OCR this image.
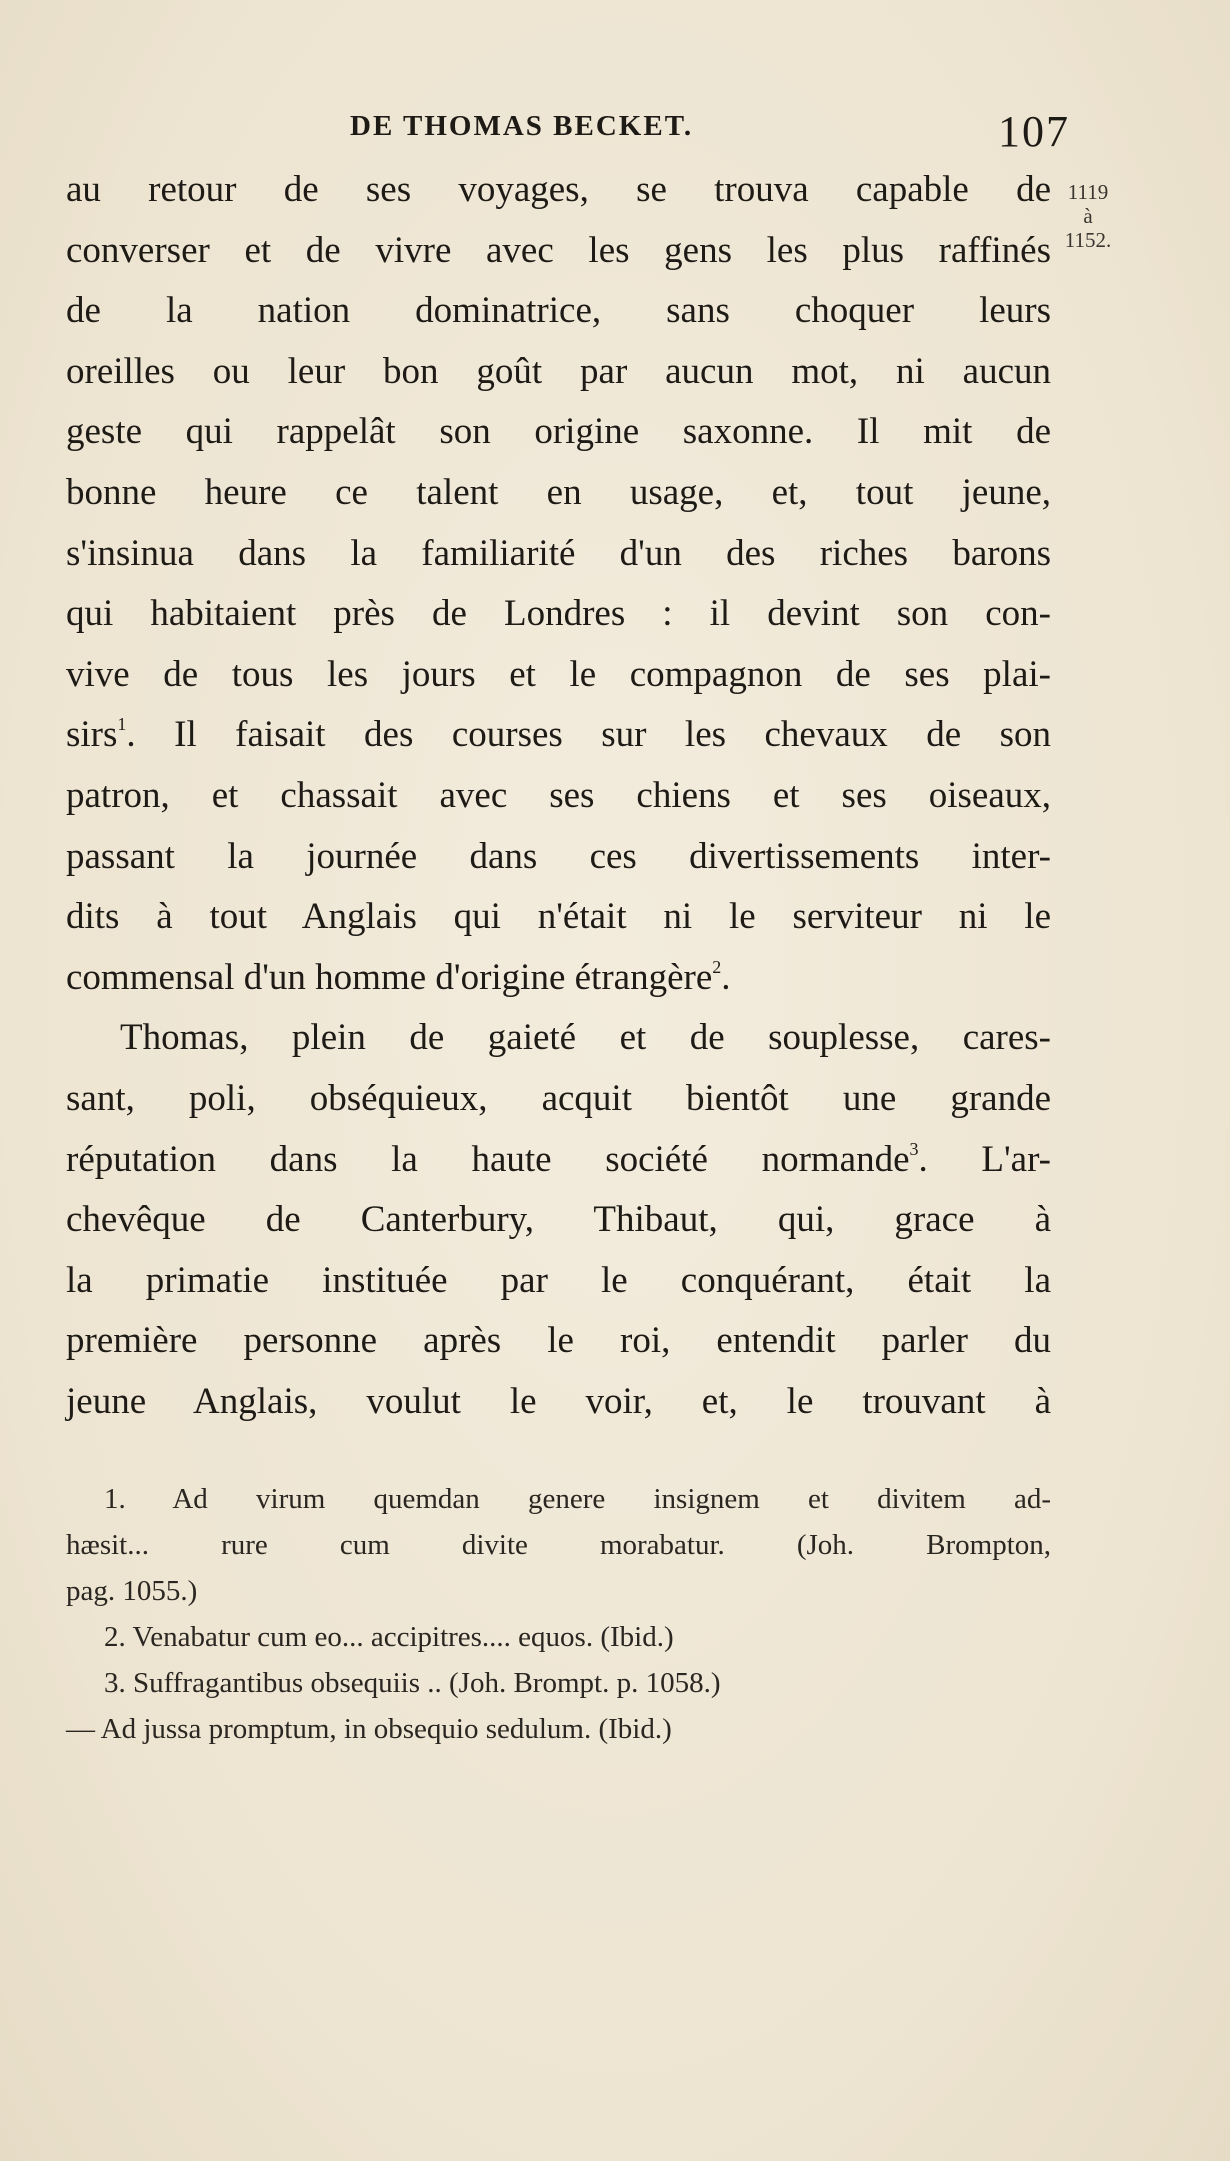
DE THOMAS BECKET.	107
1119
à
1152.
au retour de ses voyages, se trouva capable de
converser et de vivre avec les gens les plus raffinés
de la nation dominatrice, sans choquer leurs
oreilles ou leur bon goût par aucun mot, ni aucun
geste qui rappelât son origine saxonne. Il mit de
bonne heure ce talent en usage, et, tout jeune,
s'insinua dans la familiarité d'un des riches barons
qui habitaient près de Londres : il devint son con-
vive de tous les jours et le compagnon de ses plai-
sirs$^1$. Il faisait des courses sur les chevaux de son
patron, et chassait avec ses chiens et ses oiseaux,
passant la journée dans ces divertissements inter-
dits à tout Anglais qui n'était ni le serviteur ni le
commensal d'un homme d'origine étrangère$^2$.
Thomas, plein de gaieté et de souplesse, cares-
sant, poli, obséquieux, acquit bientôt une grande
réputation dans la haute société normande$^3$. L'ar-
chevêque de Canterbury, Thibaut, qui, grace à
la primatie instituée par le conquérant, était la
première personne après le roi, entendit parler du
jeune Anglais, voulut le voir, et, le trouvant à
1. Ad virum quemdan genere insignem et divitem ad-
hæsit... rure cum divite morabatur. (Joh. Brompton,
pag. 1055.)
2. Venabatur cum eo... accipitres.... equos. (Ibid.)
3. Suffragantibus obsequiis .. (Joh. Brompt. p. 1058.)
— Ad jussa promptum, in obsequio sedulum. (Ibid.)
